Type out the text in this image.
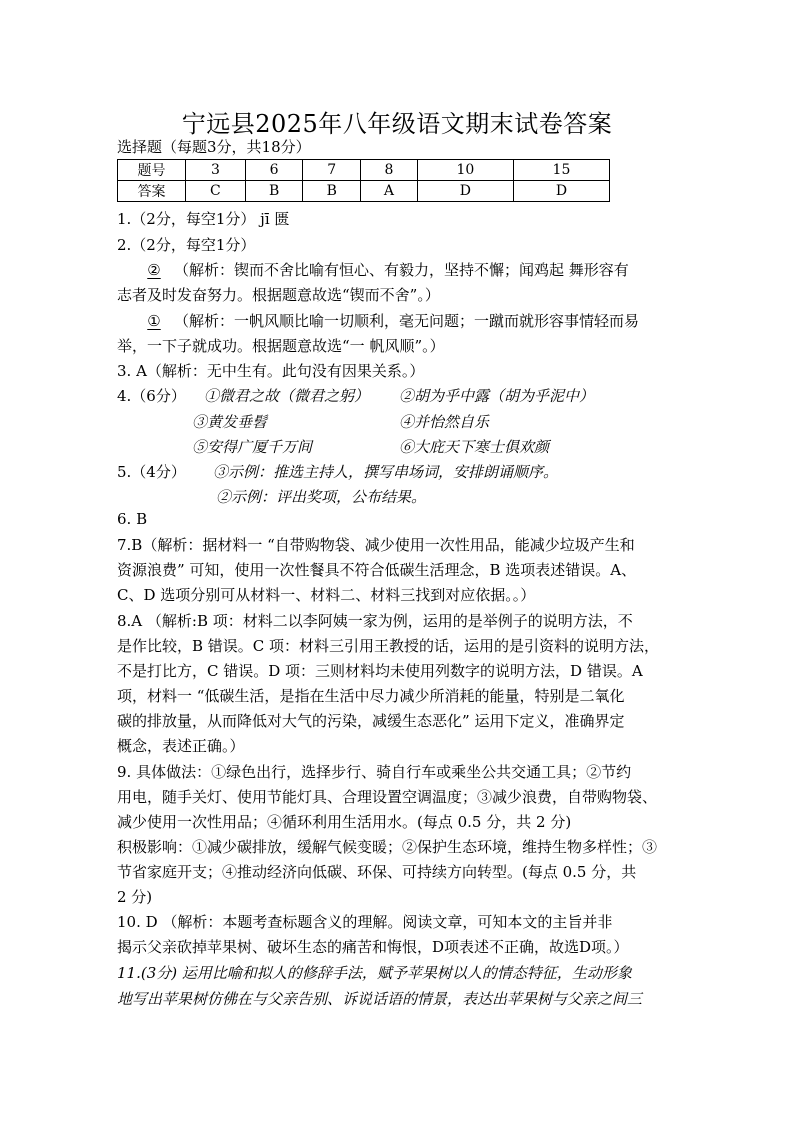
宁远县2025年八年级语文期末试卷答案
选择题（每题3分，共18分）
题号	3	6	7	8	10	15
答案	C	B	B	A	D	D
1.（2分，每空1分） jī 匮
2.（2分，每空1分）
② （解析：锲而不舍比喻有恒心、有毅力，坚持不懈；闻鸡起 舞形容有
志者及时发奋努力。根据题意故选“锲而不舍”。）
① （解析：一帆风顺比喻一切顺利，毫无问题；一蹴而就形容事情轻而易
举，一下子就成功。根据题意故选“一 帆风顺”。）
3. A（解析：无中生有。此句没有因果关系。）
4.（6分） ①微君之故（微君之躬） ②胡为乎中露（胡为乎泥中）
③黄发垂髫	④并怡然自乐
⑤安得广厦千万间	⑥大庇天下寒士俱欢颜
5.（4分） ③示例：推选主持人，撰写串场词，安排朗诵顺序。
②示例：评出奖项，公布结果。
6. B
7.B（解析：据材料一 “自带购物袋、减少使用一次性用品，能减少垃圾产生和
资源浪费” 可知，使用一次性餐具不符合低碳生活理念，B 选项表述错误。A、
C、D 选项分别可从材料一、材料二、材料三找到对应依据。。）
8.A （解析:B 项：材料二以李阿姨一家为例，运用的是举例子的说明方法，不
是作比较，B 错误。C 项：材料三引用王教授的话，运用的是引资料的说明方法，
不是打比方，C 错误。D 项：三则材料均未使用列数字的说明方法，D 错误。A
项，材料一 “低碳生活，是指在生活中尽力减少所消耗的能量，特别是二氧化
碳的排放量，从而降低对大气的污染，减缓生态恶化” 运用下定义，准确界定
概念，表述正确。）
9. 具体做法：①绿色出行，选择步行、骑自行车或乘坐公共交通工具；②节约
用电，随手关灯、使用节能灯具、合理设置空调温度；③减少浪费，自带购物袋、
减少使用一次性用品；④循环利用生活用水。(每点 0.5 分，共 2 分)
积极影响：①减少碳排放，缓解气候变暖；②保护生态环境，维持生物多样性；③
节省家庭开支；④推动经济向低碳、环保、可持续方向转型。(每点 0.5 分，共
2 分)
10. D （解析：本题考查标题含义的理解。阅读文章，可知本文的主旨并非
揭示父亲砍掉苹果树、破坏生态的痛苦和悔恨，D项表述不正确，故选D项。）
11.(3分) 运用比喻和拟人的修辞手法，赋予苹果树以人的情态特征，生动形象
地写出苹果树仿佛在与父亲告别、诉说话语的情景，表达出苹果树与父亲之间三
